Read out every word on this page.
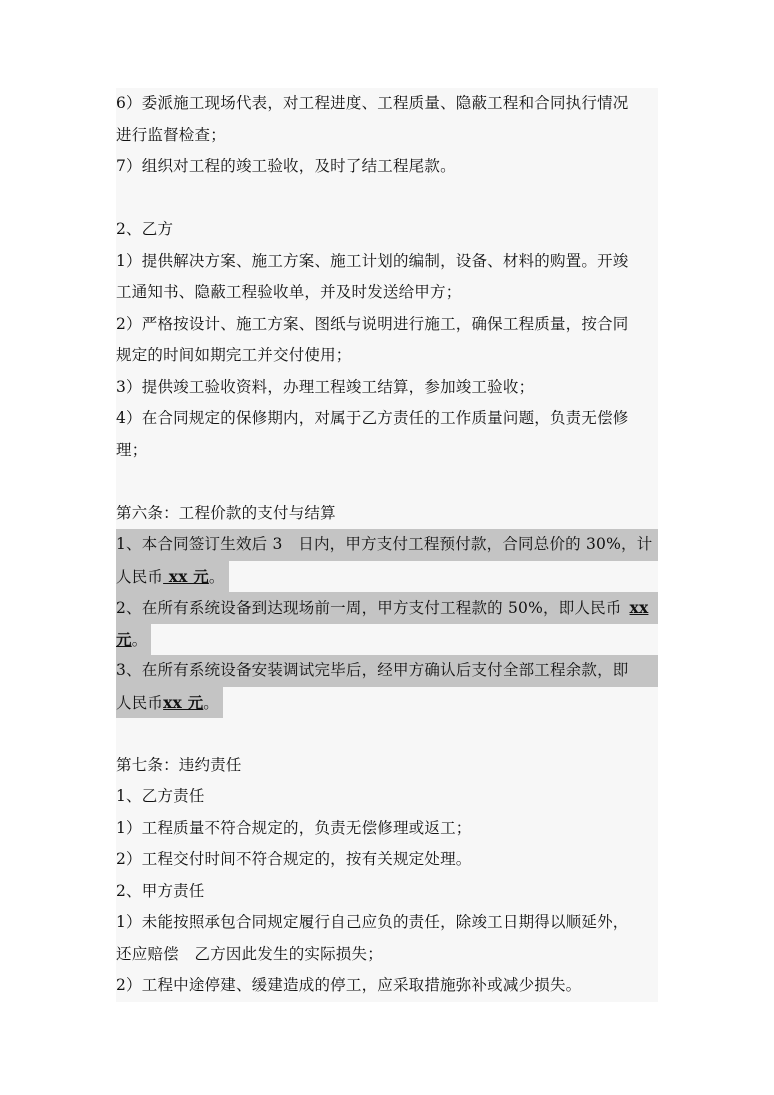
6）委派施工现场代表，对工程进度、工程质量、隐蔽工程和合同执行情况
进行监督检查；
7）组织对工程的竣工验收，及时了结工程尾款。
2、乙方
1）提供解决方案、施工方案、施工计划的编制，设备、材料的购置。开竣
工通知书、隐蔽工程验收单，并及时发送给甲方；
2）严格按设计、施工方案、图纸与说明进行施工，确保工程质量，按合同
规定的时间如期完工并交付使用；
3）提供竣工验收资料，办理工程竣工结算，参加竣工验收；
4）在合同规定的保修期内，对属于乙方责任的工作质量问题，负责无偿修
理；
第六条：工程价款的支付与结算
1、本合同签订生效后 3　日内，甲方支付工程预付款，合同总价的 30%，计
人民币 xx 元。
2、在所有系统设备到达现场前一周，甲方支付工程款的 50%，即人民币 xx
元。
3、在所有系统设备安装调试完毕后，经甲方确认后支付全部工程余款，即
人民币xx 元。
第七条：违约责任
1、乙方责任
1）工程质量不符合规定的，负责无偿修理或返工；
2）工程交付时间不符合规定的，按有关规定处理。
2、甲方责任
1）未能按照承包合同规定履行自己应负的责任，除竣工日期得以顺延外，
还应赔偿　乙方因此发生的实际损失；
2）工程中途停建、缓建造成的停工，应采取措施弥补或减少损失。
